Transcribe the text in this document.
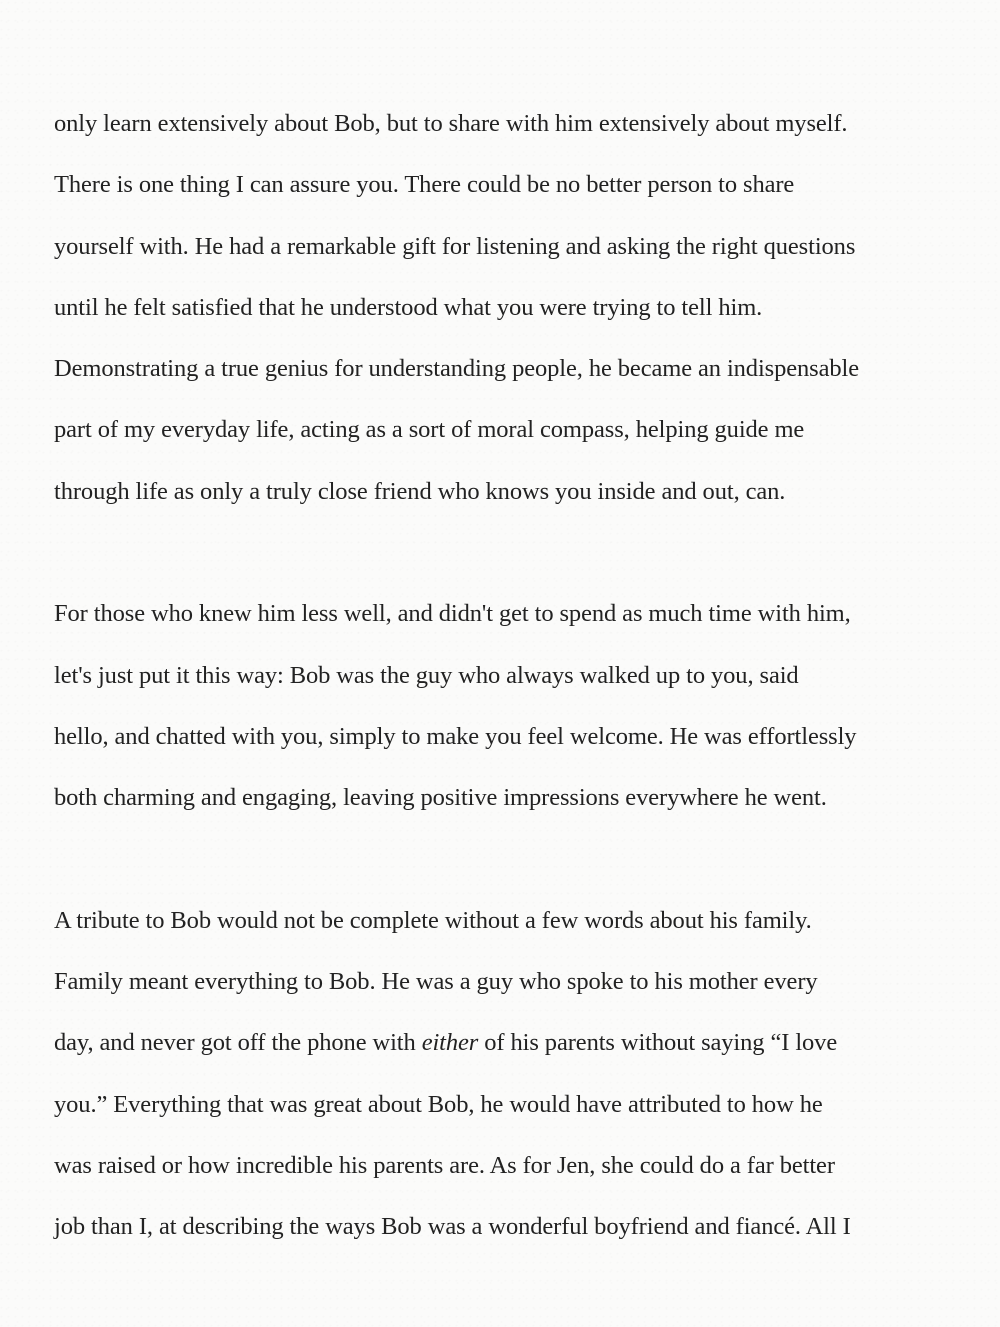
only learn extensively about Bob, but to share with him extensively about myself.
There is one thing I can assure you. There could be no better person to share
yourself with. He had a remarkable gift for listening and asking the right questions
until he felt satisfied that he understood what you were trying to tell him.
Demonstrating a true genius for understanding people, he became an indispensable
part of my everyday life, acting as a sort of moral compass, helping guide me
through life as only a truly close friend who knows you inside and out, can.
For those who knew him less well, and didn't get to spend as much time with him,
let's just put it this way: Bob was the guy who always walked up to you, said
hello, and chatted with you, simply to make you feel welcome. He was effortlessly
both charming and engaging, leaving positive impressions everywhere he went.
A tribute to Bob would not be complete without a few words about his family.
Family meant everything to Bob. He was a guy who spoke to his mother every
day, and never got off the phone with either of his parents without saying “I love
you.” Everything that was great about Bob, he would have attributed to how he
was raised or how incredible his parents are. As for Jen, she could do a far better
job than I, at describing the ways Bob was a wonderful boyfriend and fiancé. All I
